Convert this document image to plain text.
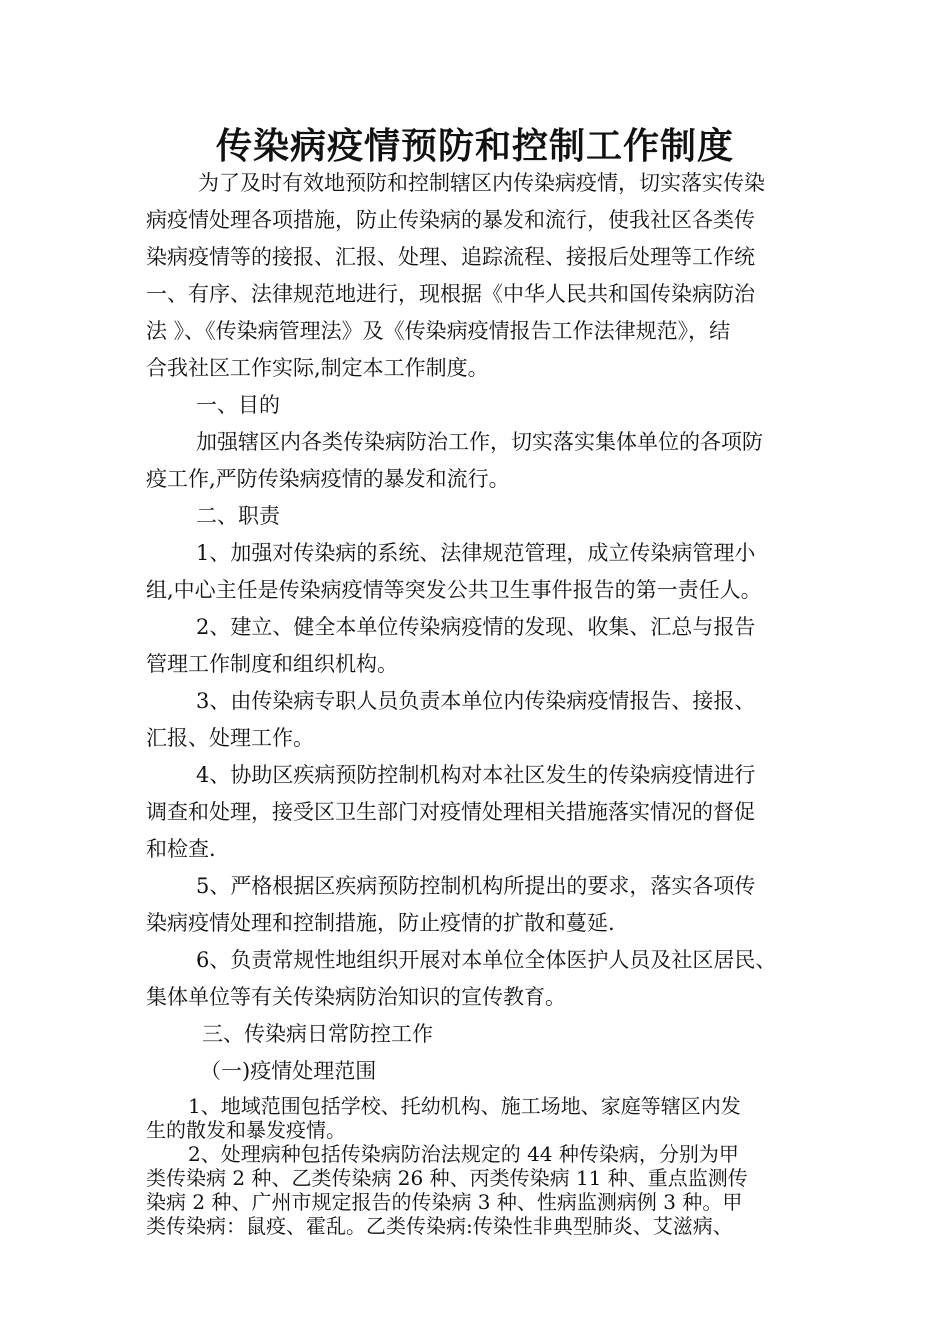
传染病疫情预防和控制工作制度
为了及时有效地预防和控制辖区内传染病疫情，切实落实传染
病疫情处理各项措施，防止传染病的暴发和流行，使我社区各类传
染病疫情等的接报、汇报、处理、追踪流程、接报后处理等工作统
一、有序、法律规范地进行，现根据《中华人民共和国传染病防治
法 》、《传染病管理法》及《传染病疫情报告工作法律规范》，结
合我社区工作实际,制定本工作制度。
一、目的
加强辖区内各类传染病防治工作，切实落实集体单位的各项防
疫工作,严防传染病疫情的暴发和流行。
二、职责
1、加强对传染病的系统、法律规范管理，成立传染病管理小
组,中心主任是传染病疫情等突发公共卫生事件报告的第一责任人。
2、建立、健全本单位传染病疫情的发现、收集、汇总与报告
管理工作制度和组织机构。
3、由传染病专职人员负责本单位内传染病疫情报告、接报、
汇报、处理工作。
4、协助区疾病预防控制机构对本社区发生的传染病疫情进行
调查和处理，接受区卫生部门对疫情处理相关措施落实情况的督促
和检查.
5、严格根据区疾病预防控制机构所提出的要求，落实各项传
染病疫情处理和控制措施，防止疫情的扩散和蔓延.
6、负责常规性地组织开展对本单位全体医护人员及社区居民、
集体单位等有关传染病防治知识的宣传教育。
三、传染病日常防控工作
（一)疫情处理范围
1、地域范围包括学校、托幼机构、施工场地、家庭等辖区内发
生的散发和暴发疫情。
2、处理病种包括传染病防治法规定的 44 种传染病，分别为甲
类传染病 2 种、乙类传染病 26 种、丙类传染病 11 种、重点监测传
染病 2 种、广州市规定报告的传染病 3 种、性病监测病例 3 种。甲
类传染病：鼠疫、霍乱。乙类传染病:传染性非典型肺炎、艾滋病、
